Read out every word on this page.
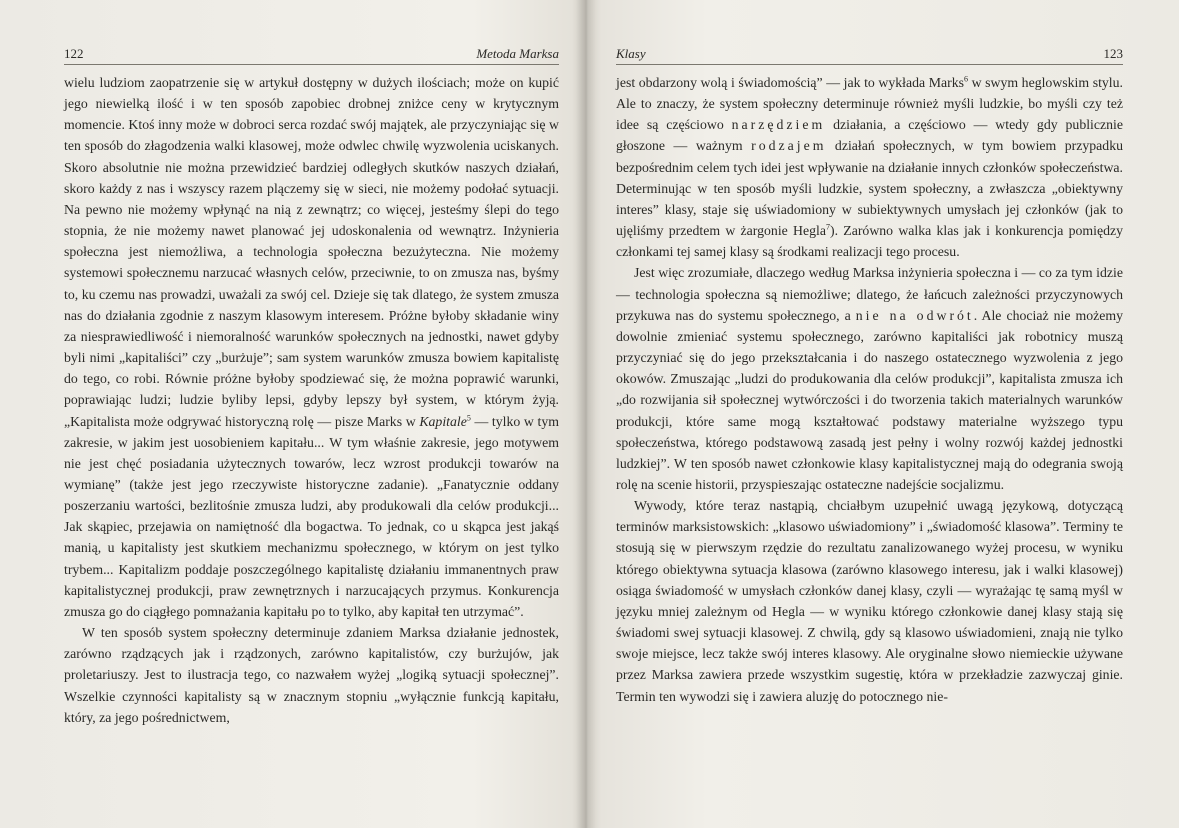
122	Metoda Marksa

wielu ludziom zaopatrzenie się w artykuł dostępny w dużych ilościach; może on kupić jego niewielką ilość i w ten sposób zapobiec drobnej zniżce ceny w krytycznym momencie. Ktoś inny może w dobroci serca rozdać swój majątek, ale przyczyniając się w ten sposób do złagodzenia walki klasowej, może odwlec chwilę wyzwolenia uciskanych. Skoro absolutnie nie można przewidzieć bardziej odległych skutków naszych działań, skoro każdy z nas i wszyscy razem plączemy się w sieci, nie możemy podołać sytuacji. Na pewno nie możemy wpłynąć na nią z zewnątrz; co więcej, jesteśmy ślepi do tego stopnia, że nie możemy nawet planować jej udoskonalenia od wewnątrz. Inżynieria społeczna jest niemożliwa, a technologia społeczna bezużyteczna. Nie możemy systemowi społecznemu narzucać własnych celów, przeciwnie, to on zmusza nas, byśmy to, ku czemu nas prowadzi, uważali za swój cel. Dzieje się tak dlatego, że system zmusza nas do działania zgodnie z naszym klasowym interesem. Próżne byłoby składanie winy za niesprawiedliwość i niemoralność warunków społecznych na jednostki, nawet gdyby byli nimi „kapitaliści” czy „burżuje”; sam system warunków zmusza bowiem kapitalistę do tego, co robi. Równie próżne byłoby spodziewać się, że można poprawić warunki, poprawiając ludzi; ludzie byliby lepsi, gdyby lepszy był system, w którym żyją. „Kapitalista może odgrywać historyczną rolę — pisze Marks w Kapitale$^5$ — tylko w tym zakresie, w jakim jest uosobieniem kapitału... W tym właśnie zakresie, jego motywem nie jest chęć posiadania użytecznych towarów, lecz wzrost produkcji towarów na wymianę” (także jest jego rzeczywiste historyczne zadanie). „Fanatycznie oddany poszerzaniu wartości, bezlitośnie zmusza ludzi, aby produkowali dla celów produkcji... Jak skąpiec, przejawia on namiętność dla bogactwa. To jednak, co u skąpca jest jakąś manią, u kapitalisty jest skutkiem mechanizmu społecznego, w którym on jest tylko trybem... Kapitalizm poddaje poszczególnego kapitalistę działaniu immanentnych praw kapitalistycznej produkcji, praw zewnętrznych i narzucających przymus. Konkurencja zmusza go do ciągłego pomnażania kapitału po to tylko, aby kapitał ten utrzymać”.

W ten sposób system społeczny determinuje zdaniem Marksa działanie jednostek, zarówno rządzących jak i rządzonych, zarówno kapitalistów, czy burżujów, jak proletariuszy. Jest to ilustracja tego, co nazwałem wyżej „logiką sytuacji społecznej”. Wszelkie czynności kapitalisty są w znacznym stopniu „wyłącznie funkcją kapitału, który, za jego pośrednictwem,

Klasy	123

jest obdarzony wolą i świadomością” — jak to wykłada Marks$^6$ w swym heglowskim stylu. Ale to znaczy, że system społeczny determinuje również myśli ludzkie, bo myśli czy też idee są częściowo narzędziem działania, a częściowo — wtedy gdy publicznie głoszone — ważnym rodzajem działań społecznych, w tym bowiem przypadku bezpośrednim celem tych idei jest wpływanie na działanie innych członków społeczeństwa. Determinując w ten sposób myśli ludzkie, system społeczny, a zwłaszcza „obiektywny interes” klasy, staje się uświadomiony w subiektywnych umysłach jej członków (jak to ujęliśmy przedtem w żargonie Hegla$^7$). Zarówno walka klas jak i konkurencja pomiędzy członkami tej samej klasy są środkami realizacji tego procesu.

Jest więc zrozumiałe, dlaczego według Marksa inżynieria społeczna i — co za tym idzie — technologia społeczna są niemożliwe; dlatego, że łańcuch zależności przyczynowych przykuwa nas do systemu społecznego, a nie na odwrót. Ale chociaż nie możemy dowolnie zmieniać systemu społecznego, zarówno kapitaliści jak robotnicy muszą przyczyniać się do jego przekształcania i do naszego ostatecznego wyzwolenia z jego okowów. Zmuszając „ludzi do produkowania dla celów produkcji”, kapitalista zmusza ich „do rozwijania sił społecznej wytwórczości i do tworzenia takich materialnych warunków produkcji, które same mogą kształtować podstawy materialne wyższego typu społeczeństwa, którego podstawową zasadą jest pełny i wolny rozwój każdej jednostki ludzkiej”. W ten sposób nawet członkowie klasy kapitalistycznej mają do odegrania swoją rolę na scenie historii, przyspieszając ostateczne nadejście socjalizmu.

Wywody, które teraz nastąpią, chciałbym uzupełnić uwagą językową, dotyczącą terminów marksistowskich: „klasowo uświadomiony” i „świadomość klasowa”. Terminy te stosują się w pierwszym rzędzie do rezultatu zanalizowanego wyżej procesu, w wyniku którego obiektywna sytuacja klasowa (zarówno klasowego interesu, jak i walki klasowej) osiąga świadomość w umysłach członków danej klasy, czyli — wyrażając tę samą myśl w języku mniej zależnym od Hegla — w wyniku którego członkowie danej klasy stają się świadomi swej sytuacji klasowej. Z chwilą, gdy są klasowo uświadomieni, znają nie tylko swoje miejsce, lecz także swój interes klasowy. Ale oryginalne słowo niemieckie używane przez Marksa zawiera przede wszystkim sugestię, która w przekładzie zazwyczaj ginie. Termin ten wywodzi się i zawiera aluzję do potocznego nie-
